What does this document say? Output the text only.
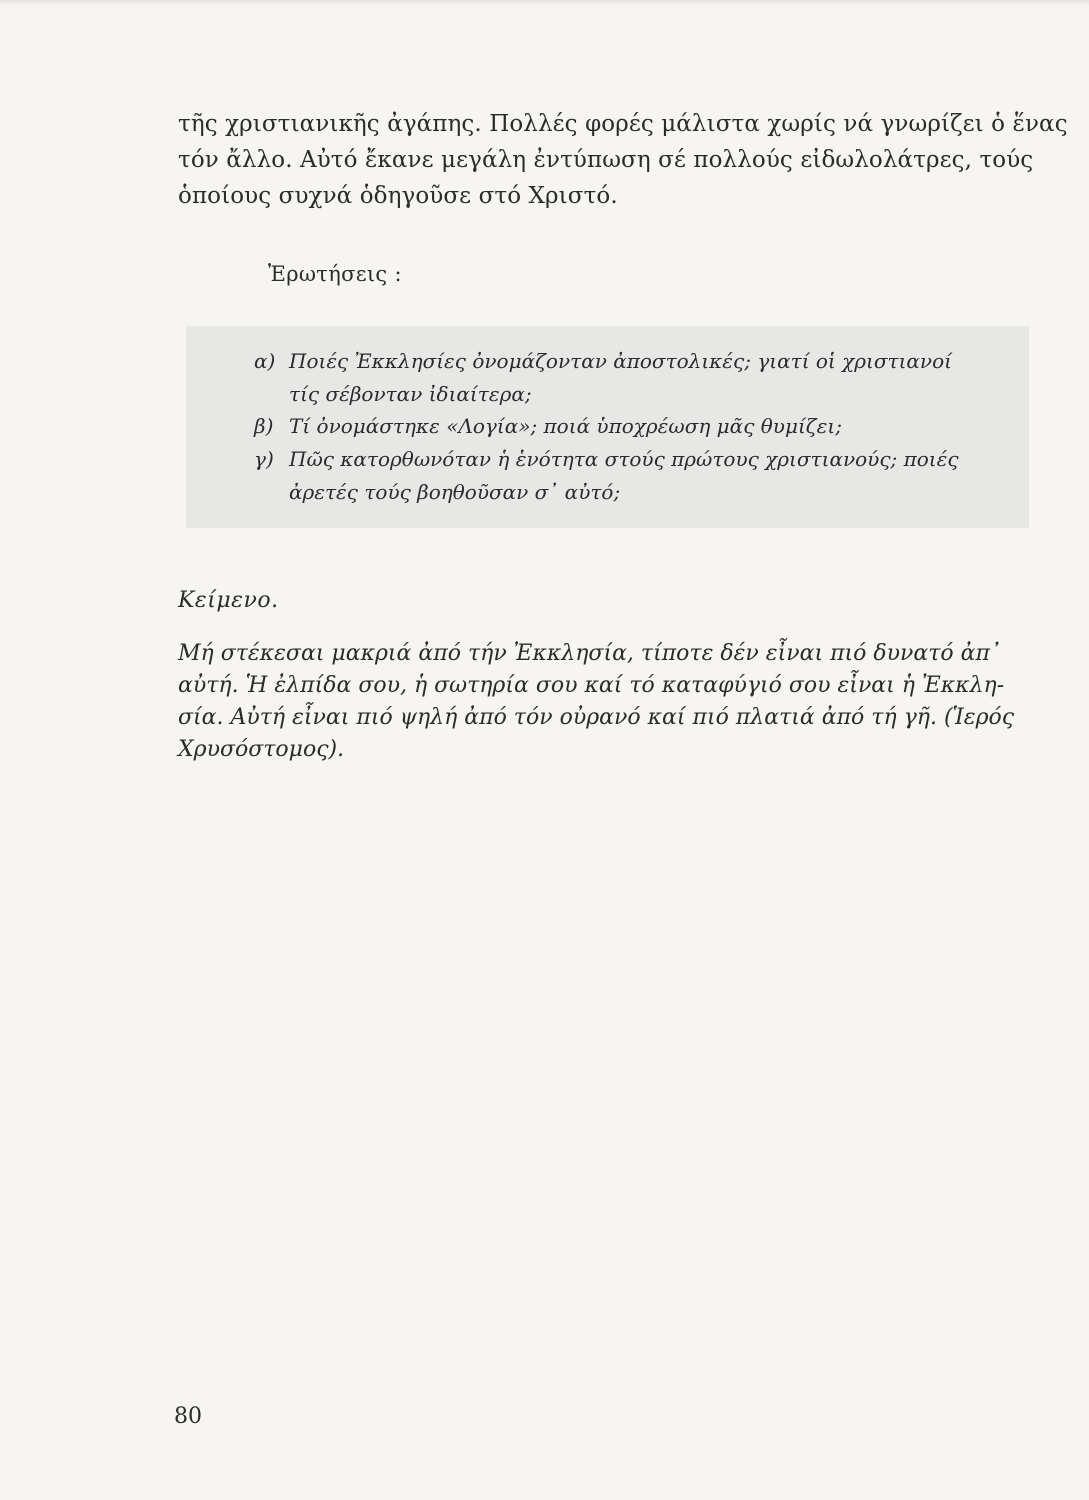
τῆς χριστιανικῆς ἀγάπης. Πολλές φορές μάλιστα χωρίς νά γνωρίζει ὁ ἕνας
τόν ἄλλο. Αὐτό ἔκανε μεγάλη ἐντύπωση σέ πολλούς εἰδωλολάτρες, τούς
ὁποίους συχνά ὁδηγοῦσε στό Χριστό.
Ἐρωτήσεις :
α) Ποιές Ἐκκλησίες ὀνομάζονταν ἀποστολικές; γιατί οἱ χριστιανοί
τίς σέβονταν ἰδιαίτερα;
β) Τί ὀνομάστηκε «Λογία»; ποιά ὑποχρέωση μᾶς θυμίζει;
γ) Πῶς κατορθωνόταν ἡ ἑνότητα στούς πρώτους χριστιανούς; ποιές
ἀρετές τούς βοηθοῦσαν σ᾽ αὐτό;
Κείμενο.
Μή στέκεσαι μακριά ἀπό τήν Ἐκκλησία, τίποτε δέν εἶναι πιό δυνατό ἀπ᾽
αὐτή. Ἡ ἐλπίδα σου, ἡ σωτηρία σου καί τό καταφύγιό σου εἶναι ἡ Ἐκκλη-
σία. Αὐτή εἶναι πιό ψηλή ἀπό τόν οὐρανό καί πιό πλατιά ἀπό τή γῆ. (Ἱερός
Χρυσόστομος).
80
